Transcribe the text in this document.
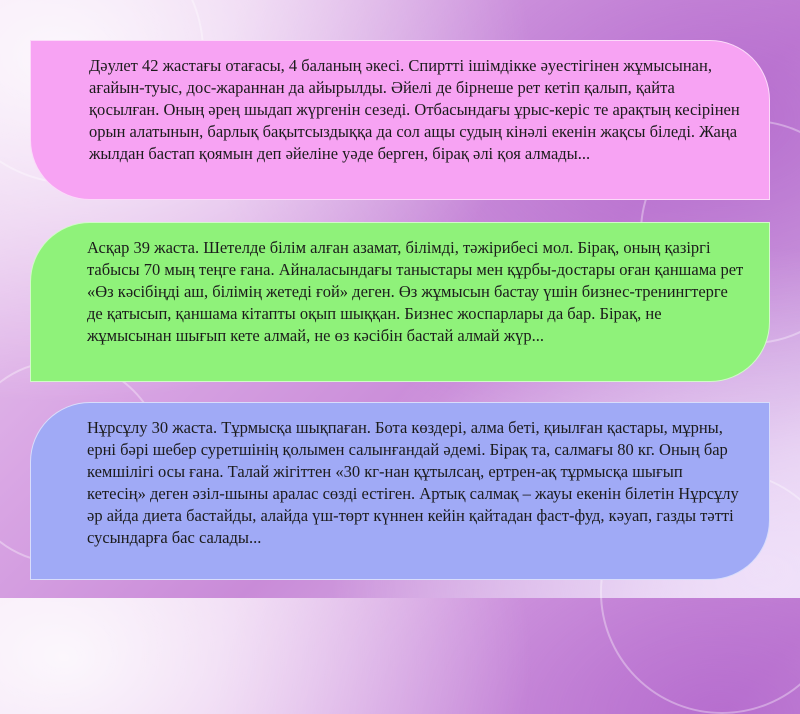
Дәулет 42 жастағы отағасы, 4 баланың әкесі. Спиртті ішімдікке әуестігінен жұмысынан, ағайын-туыс, дос-жараннан да айырылды. Әйелі де бірнеше рет кетіп қалып, қайта қосылған. Оның әрең шыдап жүргенін сезеді. Отбасындағы ұрыс-керіс те арақтың кесірінен орын алатынын, барлық бақытсыздыққа да сол ащы судың кінәлі екенін жақсы біледі. Жаңа жылдан бастап қоямын деп әйеліне уәде берген, бірақ әлі қоя алмады...

Асқар 39 жаста. Шетелде білім алған азамат, білімді, тәжірибесі мол. Бірақ, оның қазіргі табысы 70 мың теңге ғана. Айналасындағы таныстары мен құрбы-достары оған қаншама рет «Өз кәсібіңді аш, білімің жетеді ғой» деген. Өз жұмысын бастау үшін бизнес-тренингтерге де қатысып, қаншама кітапты оқып шыққан. Бизнес жоспарлары да бар. Бірақ, не жұмысынан шығып кете алмай, не өз кәсібін бастай алмай жүр...

Нұрсұлу 30 жаста. Тұрмысқа шықпаған. Бота көздері, алма беті, қиылған қастары, мұрны, ерні бәрі шебер суретшінің қолымен салынғандай әдемі. Бірақ та, салмағы 80 кг. Оның бар кемшілігі осы ғана. Талай жігіттен «30 кг-нан құтылсаң, ертрен-ақ тұрмысқа шығып кетесің» деген әзіл-шыны аралас сөзді естіген. Артық салмақ – жауы екенін білетін Нұрсұлу әр айда диета бастайды, алайда үш-төрт күннен кейін қайтадан фаст-фуд, кәуап, газды тәтті сусындарға бас салады...
